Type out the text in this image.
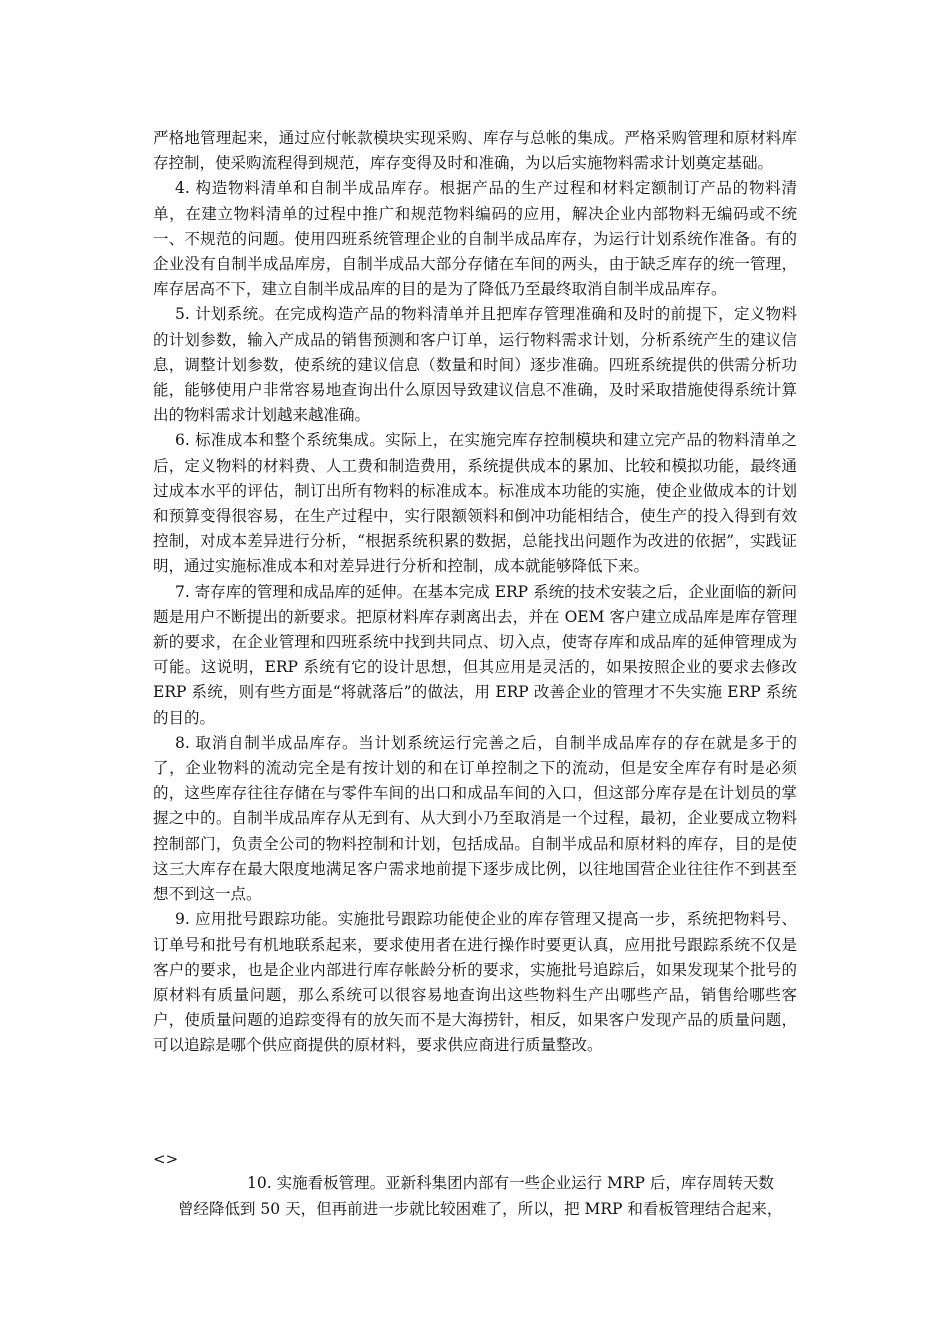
严格地管理起来，通过应付帐款模块实现采购、库存与总帐的集成。严格采购管理和原材料库存控制，使采购流程得到规范，库存变得及时和准确，为以后实施物料需求计划奠定基础。

4. 构造物料清单和自制半成品库存。根据产品的生产过程和材料定额制订产品的物料清单，在建立物料清单的过程中推广和规范物料编码的应用，解决企业内部物料无编码或不统一、不规范的问题。使用四班系统管理企业的自制半成品库存，为运行计划系统作准备。有的企业没有自制半成品库房，自制半成品大部分存储在车间的两头，由于缺乏库存的统一管理，库存居高不下，建立自制半成品库的目的是为了降低乃至最终取消自制半成品库存。

5. 计划系统。在完成构造产品的物料清单并且把库存管理准确和及时的前提下，定义物料的计划参数，输入产成品的销售预测和客户订单，运行物料需求计划，分析系统产生的建议信息，调整计划参数，使系统的建议信息（数量和时间）逐步准确。四班系统提供的供需分析功能，能够使用户非常容易地查询出什么原因导致建议信息不准确，及时采取措施使得系统计算出的物料需求计划越来越准确。

6. 标准成本和整个系统集成。实际上，在实施完库存控制模块和建立完产品的物料清单之后，定义物料的材料费、人工费和制造费用，系统提供成本的累加、比较和模拟功能，最终通过成本水平的评估，制订出所有物料的标准成本。标准成本功能的实施，使企业做成本的计划和预算变得很容易，在生产过程中，实行限额领料和倒冲功能相结合，使生产的投入得到有效控制，对成本差异进行分析，“根据系统积累的数据，总能找出问题作为改进的依据”，实践证明，通过实施标准成本和对差异进行分析和控制，成本就能够降低下来。

7. 寄存库的管理和成品库的延伸。在基本完成 ERP 系统的技术安装之后，企业面临的新问题是用户不断提出的新要求。把原材料库存剥离出去，并在 OEM 客户建立成品库是库存管理新的要求，在企业管理和四班系统中找到共同点、切入点，使寄存库和成品库的延伸管理成为可能。这说明，ERP 系统有它的设计思想，但其应用是灵活的，如果按照企业的要求去修改 ERP 系统，则有些方面是“将就落后”的做法，用 ERP 改善企业的管理才不失实施 ERP 系统的目的。

8. 取消自制半成品库存。当计划系统运行完善之后，自制半成品库存的存在就是多于的了，企业物料的流动完全是有按计划的和在订单控制之下的流动，但是安全库存有时是必须的，这些库存往往存储在与零件车间的出口和成品车间的入口，但这部分库存是在计划员的掌握之中的。自制半成品库存从无到有、从大到小乃至取消是一个过程，最初，企业要成立物料控制部门，负责全公司的物料控制和计划，包括成品。自制半成品和原材料的库存，目的是使这三大库存在最大限度地满足客户需求地前提下逐步成比例，以往地国营企业往往作不到甚至想不到这一点。

9. 应用批号跟踪功能。实施批号跟踪功能使企业的库存管理又提高一步，系统把物料号、订单号和批号有机地联系起来，要求使用者在进行操作时要更认真，应用批号跟踪系统不仅是客户的要求，也是企业内部进行库存帐龄分析的要求，实施批号追踪后，如果发现某个批号的原材料有质量问题，那么系统可以很容易地查询出这些物料生产出哪些产品，销售给哪些客户，使质量问题的追踪变得有的放矢而不是大海捞针，相反，如果客户发现产品的质量问题，可以追踪是哪个供应商提供的原材料，要求供应商进行质量整改。

<>
10. 实施看板管理。亚新科集团内部有一些企业运行 MRP 后，库存周转天数
曾经降低到 50 天，但再前进一步就比较困难了，所以，把 MRP 和看板管理结合起来，
